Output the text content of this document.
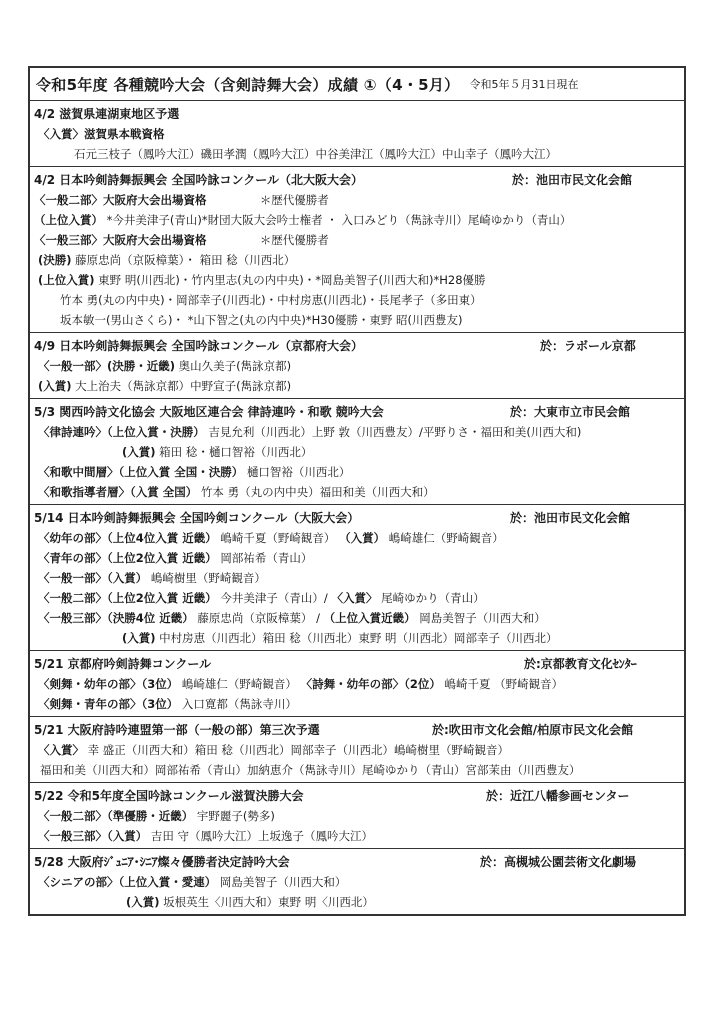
令和5年度 各種競吟大会（含剣詩舞大会）成績 ①（4・5月） 令和5年５月31日現在
4/2 滋賀県連湖東地区予選
〈入賞〉滋賀県本戦資格
石元三枝子（鳳吟大江）磯田孝潤（鳳吟大江）中谷美津江（鳳吟大江）中山幸子（鳳吟大江）
4/2 日本吟剣詩舞振興会 全国吟詠コンクール（北大阪大会）	於：池田市民文化会館
〈一般二部〉大阪府大会出場資格	＊歴代優勝者
（上位入賞） *今井美津子(青山)*財団大阪大会吟士権者 ・ 入口みどり（雋詠寺川）尾崎ゆかり（青山）
〈一般三部〉大阪府大会出場資格	＊歴代優勝者
(決勝) 藤原忠尚（京阪樟葉）・ 箱田 稔（川西北）
(上位入賞) 東野 明(川西北)・竹内里志(丸の内中央)・*岡島美智子(川西大和)*H28優勝
竹本 勇(丸の内中央)・岡部幸子(川西北)・中村房恵(川西北)・長尾孝子（多田東）
坂本敏一(男山さくら)・ *山下智之(丸の内中央)*H30優勝・東野 昭(川西豊友)
4/9 日本吟剣詩舞振興会 全国吟詠コンクール（京都府大会）	於：ラボール京都
〈一般一部〉(決勝・近畿) 奥山久美子(雋詠京都)
(入賞) 大上治夫（雋詠京都）中野宣子(雋詠京都)
5/3 関西吟詩文化協会 大阪地区連合会 律詩連吟・和歌 競吟大会	於：大東市立市民会館
〈律詩連吟〉（上位入賞・決勝） 吉見允利（川西北）上野 敦（川西豊友）/平野りさ・福田和美(川西大和)
(入賞) 箱田 稔・樋口智裕（川西北）
〈和歌中間層〉（上位入賞 全国・決勝） 樋口智裕（川西北）
〈和歌指導者層〉（入賞 全国） 竹本 勇（丸の内中央）福田和美（川西大和）
5/14 日本吟剣詩舞振興会 全国吟剣コンクール（大阪大会）	於：池田市民文化会館
〈幼年の部〉（上位4位入賞 近畿） 嶋崎千夏（野崎観音） （入賞） 嶋崎雄仁（野崎観音）
〈青年の部〉（上位2位入賞 近畿） 岡部祐希（青山）
〈一般一部〉（入賞） 嶋崎樹里（野崎観音）
〈一般二部〉（上位2位入賞 近畿） 今井美津子（青山）/ 〈入賞〉 尾崎ゆかり（青山）
〈一般三部〉（決勝4位 近畿） 藤原忠尚（京阪樟葉） / （上位入賞近畿） 岡島美智子（川西大和）
(入賞) 中村房恵（川西北）箱田 稔（川西北）東野 明（川西北）岡部幸子（川西北）
5/21 京都府吟剣詩舞コンクール	於:京都教育文化ｾﾝﾀｰ
〈剣舞・幼年の部〉（3位） 嶋崎雄仁（野崎観音） 〈詩舞・幼年の部〉（2位） 嶋崎千夏 （野崎観音）
〈剣舞・青年の部〉（3位） 入口寛都（雋詠寺川）
5/21 大阪府詩吟連盟第一部（一般の部）第三次予選	於:吹田市文化会館/柏原市民文化会館
〈入賞〉 幸 盛正（川西大和）箱田 稔（川西北）岡部幸子（川西北）嶋崎樹里（野崎観音）
福田和美（川西大和）岡部祐希（青山）加納恵介（雋詠寺川）尾崎ゆかり（青山）宮部茉由（川西豊友）
5/22 令和5年度全国吟詠コンクール滋賀決勝大会	於：近江八幡参画センター
〈一般二部〉（準優勝・近畿） 宇野麗子(勢多)
〈一般三部〉（入賞） 吉田 守（鳳吟大江）上坂逸子（鳳吟大江）
5/28 大阪府ｼﾞｭﾆｱ･ｼﾆｱ燦々優勝者決定詩吟大会	於：高槻城公園芸術文化劇場
〈シニアの部〉（上位入賞・愛連） 岡島美智子（川西大和）
(入賞) 坂根英生〈川西大和）東野 明〈川西北）
